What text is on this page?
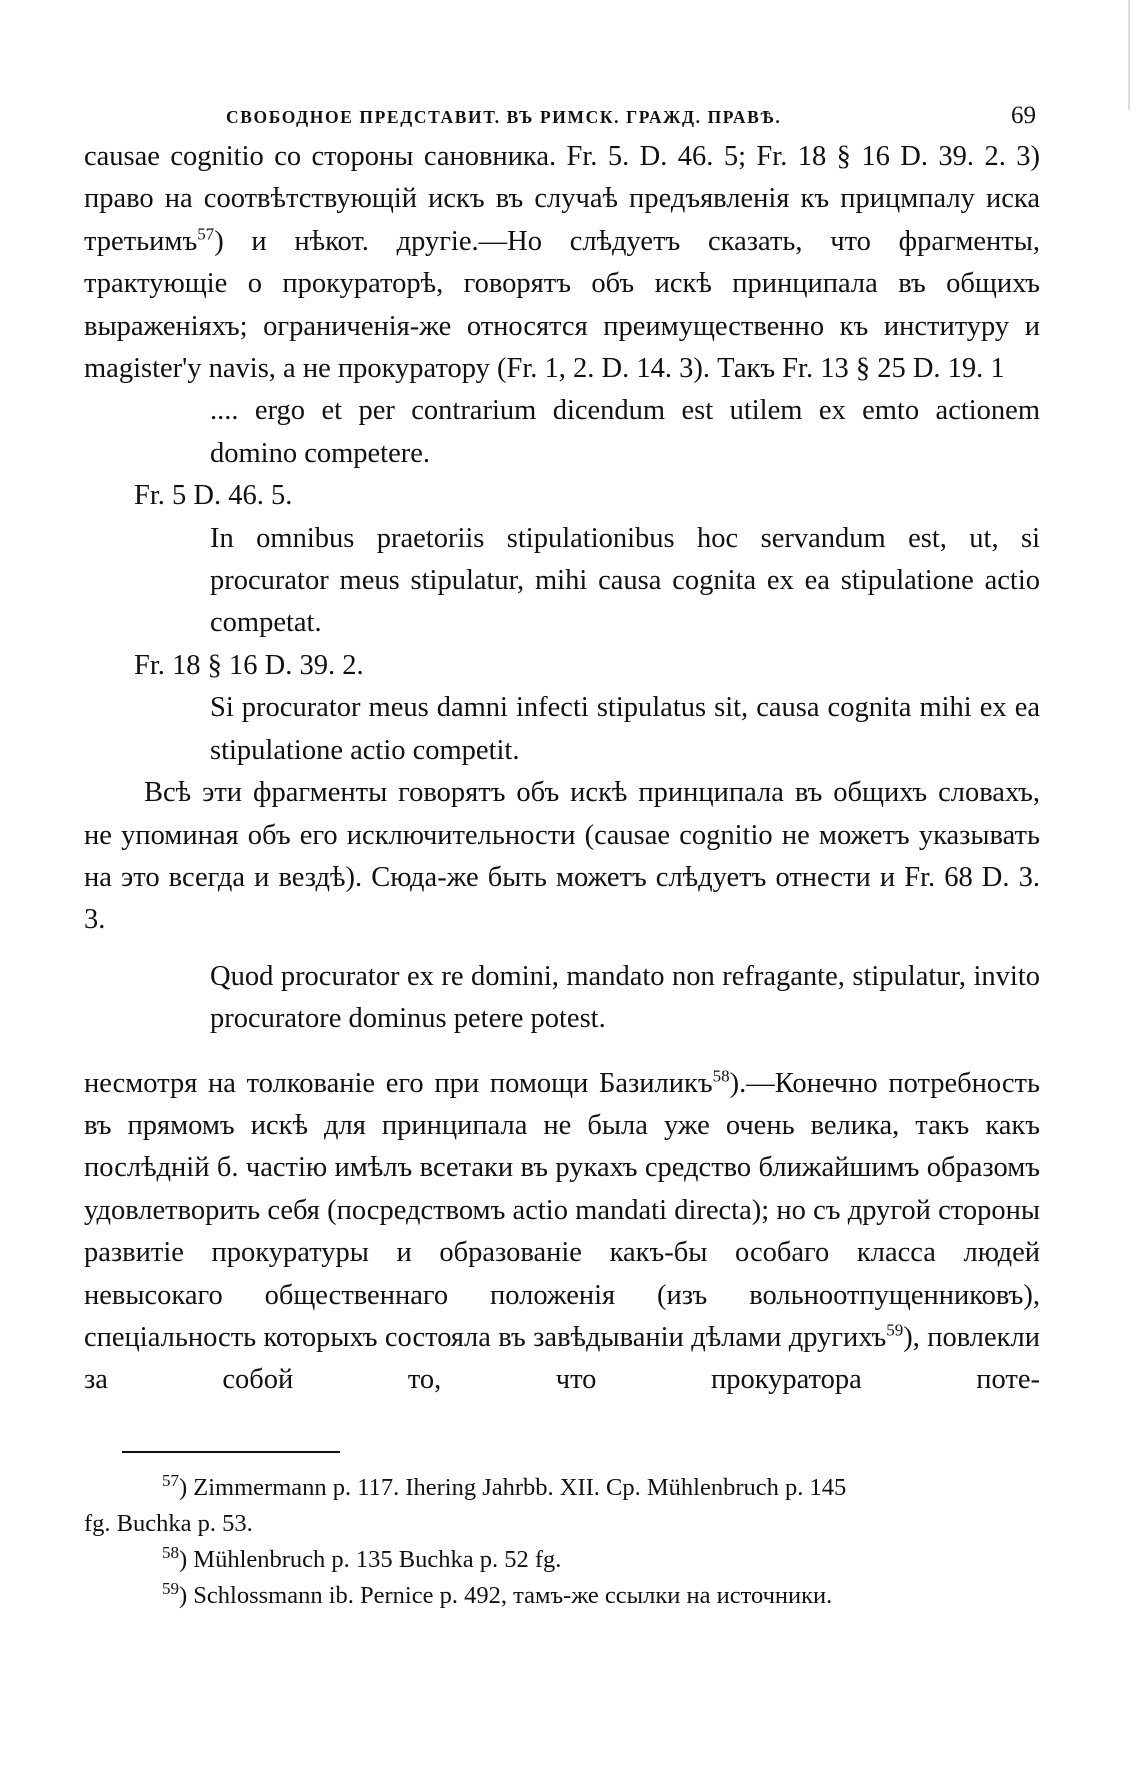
СВОБОДНОЕ ПРЕДСТАВИТ. ВЪ РИМСК. ГРАЖД. ПРАВѢ.	69

causae cognitio со стороны сановника. Fr. 5. D. 46. 5; Fr. 18 § 16 D. 39. 2. 3) право на соотвѣтствующій искъ въ случаѣ предъявленія къ прицмпалу иска третьимъ$^{57}$) и нѣкот. другіе.—Но слѣдуетъ сказать, что фрагменты, трактующіе о прокураторѣ, говорятъ объ искѣ принципала въ общихъ выраженіяхъ; ограниченія-же относятся преимущественно къ институру и magister'у navis, а не прокуратору (Fr. 1, 2. D. 14. 3). Такъ Fr. 13 § 25 D. 19. 1

.... ergo et per contrarium dicendum est utilem ex emto actionem domino competere.

Fr. 5 D. 46. 5.

In omnibus praetoriis stipulationibus hoc servandum est, ut, si procurator meus stipulatur, mihi causa cognita ex ea stipulatione actio competat.

Fr. 18 § 16 D. 39. 2.

Si procurator meus damni infecti stipulatus sit, causa cognita mihi ex ea stipulatione actio competit.

Всѣ эти фрагменты говорятъ объ искѣ принципала въ общихъ словахъ, не упоминая объ его исключительности (causae cognitio не можетъ указывать на это всегда и вездѣ). Сюда-же быть можетъ слѣдуетъ отнести и Fr. 68 D. 3. 3.

Quod procurator ex re domini, mandato non refragante, stipulatur, invito procuratore dominus petere potest.

несмотря на толкованіе его при помощи Базиликъ$^{58}$).—Конечно потребность въ прямомъ искѣ для принципала не была уже очень велика, такъ какъ послѣдній б. частію имѣлъ всетаки въ рукахъ средство ближайшимъ образомъ удовлетворить себя (посредствомъ actio mandati directa); но съ другой стороны развитіе прокуратуры и образованіе какъ-бы особаго класса людей невысокаго общественнаго положенія (изъ вольноотпущенниковъ), спеціальность которыхъ состояла въ завѣдываніи дѣлами другихъ$^{59}$), повлекли за собой то, что прокуратора поте-

$^{57}$) Zimmermann p. 117. Ihering Jahrbb. XII. Cp. Mühlenbruch p. 145

fg. Buchka p. 53.

$^{58}$) Mühlenbruch p. 135 Buchka p. 52 fg.

$^{59}$) Schlossmann ib. Pernice p. 492, тамъ-же ссылки на источники.
